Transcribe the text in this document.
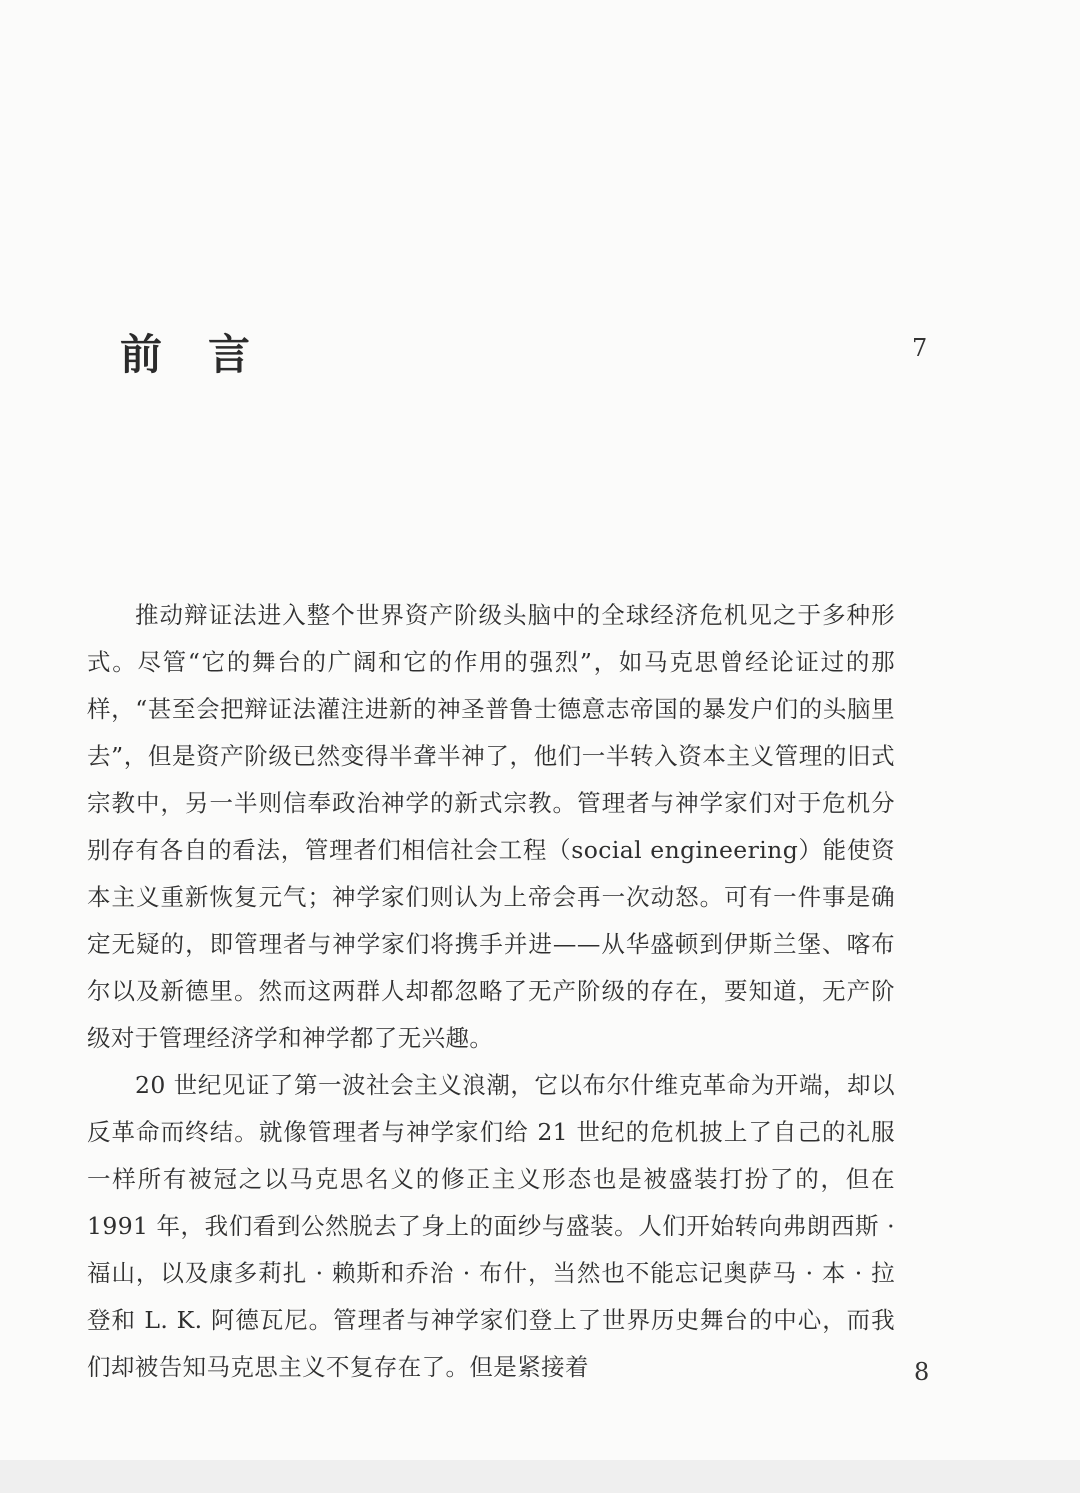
前言	7

推动辩证法进入整个世界资产阶级头脑中的全球经济危机见之于多种形式。尽管“它的舞台的广阔和它的作用的强烈”，如马克思曾经论证过的那样，“甚至会把辩证法灌注进新的神圣普鲁士德意志帝国的暴发户们的头脑里去”，但是资产阶级已然变得半聋半神了，他们一半转入资本主义管理的旧式宗教中，另一半则信奉政治神学的新式宗教。管理者与神学家们对于危机分别存有各自的看法，管理者们相信社会工程（social engineering）能使资本主义重新恢复元气；神学家们则认为上帝会再一次动怒。可有一件事是确定无疑的，即管理者与神学家们将携手并进——从华盛顿到伊斯兰堡、喀布尔以及新德里。然而这两群人却都忽略了无产阶级的存在，要知道，无产阶级对于管理经济学和神学都了无兴趣。

20 世纪见证了第一波社会主义浪潮，它以布尔什维克革命为开端，却以反革命而终结。就像管理者与神学家们给 21 世纪的危机披上了自己的礼服一样所有被冠之以马克思名义的修正主义形态也是被盛装打扮了的，但在 1991 年，我们看到公然脱去了身上的面纱与盛装。人们开始转向弗朗西斯 · 福山，以及康多莉扎 · 赖斯和乔治 · 布什，当然也不能忘记奥萨马 · 本 · 拉登和 L. K. 阿德瓦尼。管理者与神学家们登上了世界历史舞台的中心，而我们却被告知马克思主义不复存在了。但是紧接着	8
